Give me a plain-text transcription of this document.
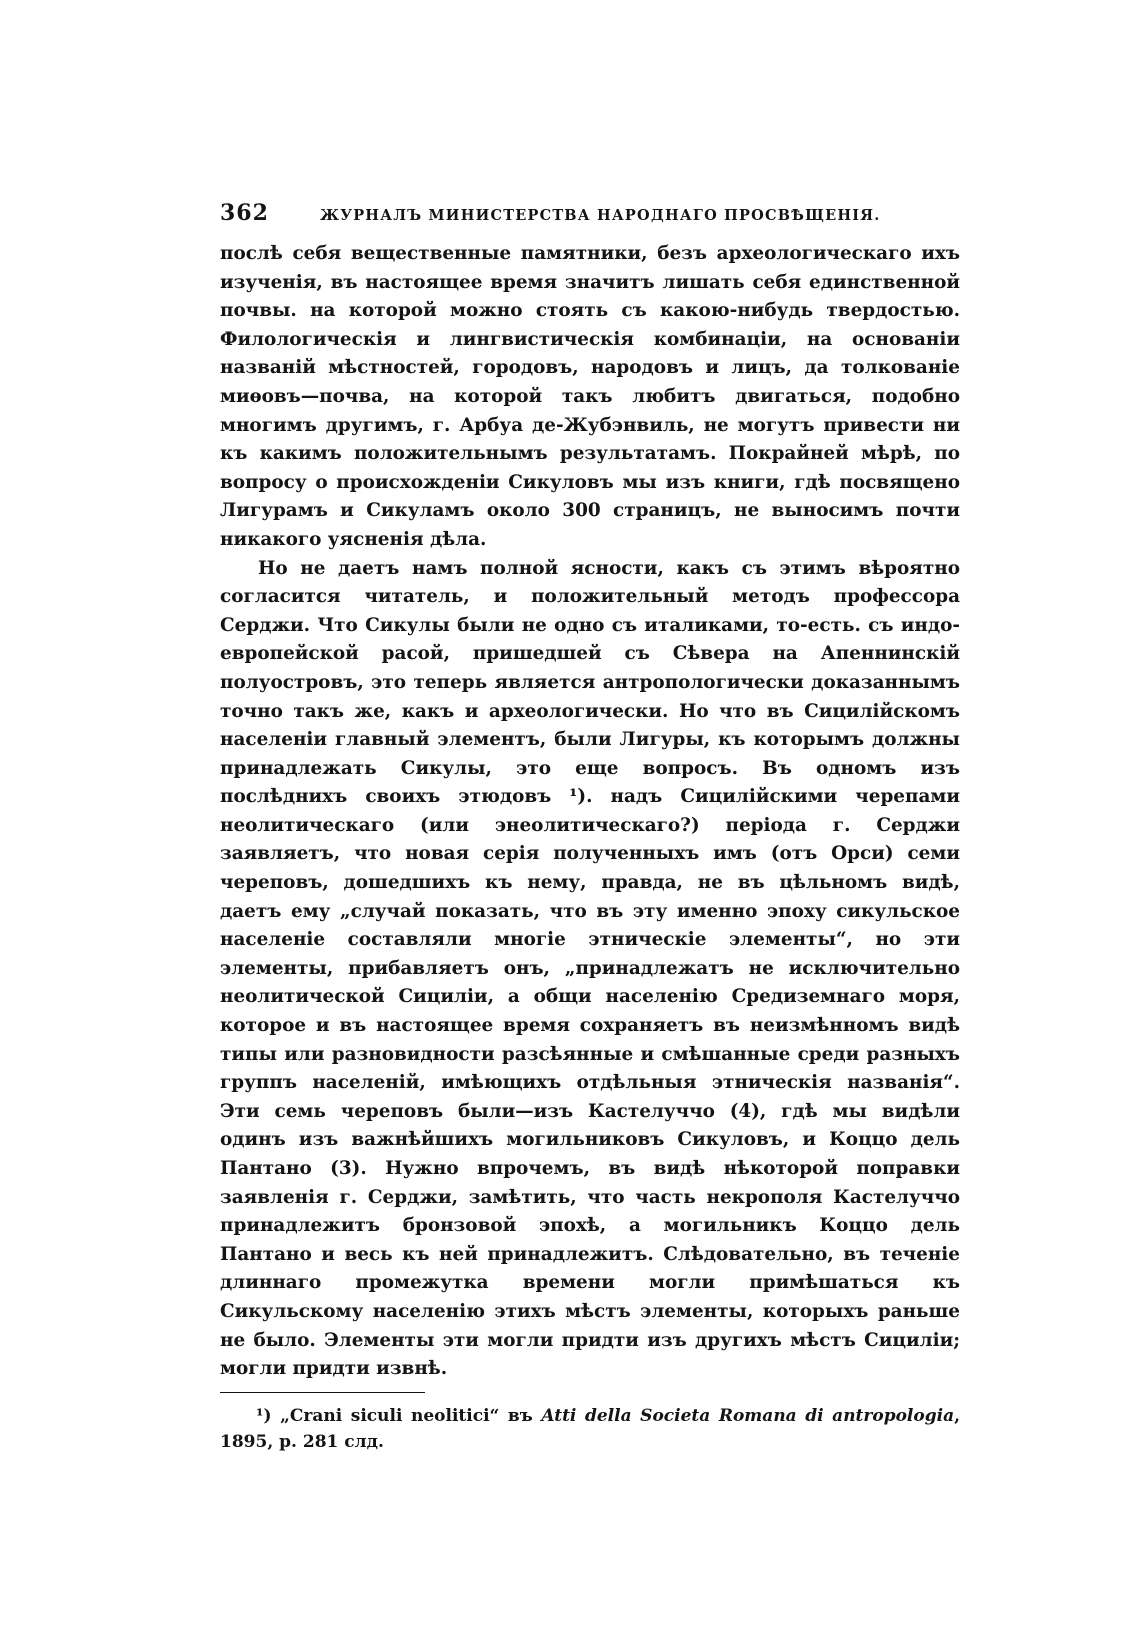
362	ЖУРНАЛЪ МИНИСТЕРСТВА НАРОДНАГО ПРОСВѢЩЕНІЯ.

послѣ себя вещественные памятники, безъ археологическаго ихъ изученія, въ настоящее время значитъ лишать себя единственной почвы. на которой можно стоять съ какою-нибудь твердостью. Филологическія и лингвистическія комбинаціи, на основаніи названій мѣстностей, городовъ, народовъ и лицъ, да толкованіе миѳовъ—почва, на которой такъ любитъ двигаться, подобно многимъ другимъ, г. Арбуа де-Жубэнвиль, не могутъ привести ни къ какимъ положительнымъ результатамъ. Покрайней мѣрѣ, по вопросу о происхожденіи Сикуловъ мы изъ книги, гдѣ посвящено Лигурамъ и Сикуламъ около 300 страницъ, не выносимъ почти никакого уясненія дѣла.

Но не даетъ намъ полной ясности, какъ съ этимъ вѣроятно согласится читатель, и положительный методъ профессора Серджи. Что Сикулы были не одно съ италиками, то-есть. съ индо-европейской расой, пришедшей съ Сѣвера на Апеннинскій полуостровъ, это теперь является антропологически доказаннымъ точно такъ же, какъ и археологически. Но что въ Сицилійскомъ населеніи главный элементъ, были Лигуры, къ которымъ должны принадлежать Сикулы, это еще вопросъ. Въ одномъ изъ послѣднихъ своихъ этюдовъ ¹). надъ Сицилійскими черепами неолитическаго (или энеолитическаго?) періода г. Серджи заявляетъ, что новая серія полученныхъ имъ (отъ Орси) семи череповъ, дошедшихъ къ нему, правда, не въ цѣльномъ видѣ, даетъ ему „случай показать, что въ эту именно эпоху сикульское населеніе составляли многіе этническіе элементы“, но эти элементы, прибавляетъ онъ, „принадлежатъ не исключительно неолитической Сициліи, а общи населенію Средиземнаго моря, которое и въ настоящее время сохраняетъ въ неизмѣнномъ видѣ типы или разновидности разсѣянные и смѣшанные среди разныхъ группъ населеній, имѣющихъ отдѣльныя этническія названія“. Эти семь череповъ были—изъ Кастелуччо (4), гдѣ мы видѣли одинъ изъ важнѣйшихъ могильниковъ Сикуловъ, и Коццо дель Пантано (3). Нужно впрочемъ, въ видѣ нѣкоторой поправки заявленія г. Серджи, замѣтить, что часть некрополя Кастелуччо принадлежитъ бронзовой эпохѣ, а могильникъ Коццо дель Пантано и весь къ ней принадлежитъ. Слѣдовательно, въ теченіе длиннаго промежутка времени могли примѣшаться къ Сикульскому населенію этихъ мѣстъ элементы, которыхъ раньше не было. Элементы эти могли придти изъ другихъ мѣстъ Сициліи; могли придти извнѣ.

¹) „Crani siculi neolitici“ въ Atti della Societa Romana di antropologia, 1895, p. 281 слд.
